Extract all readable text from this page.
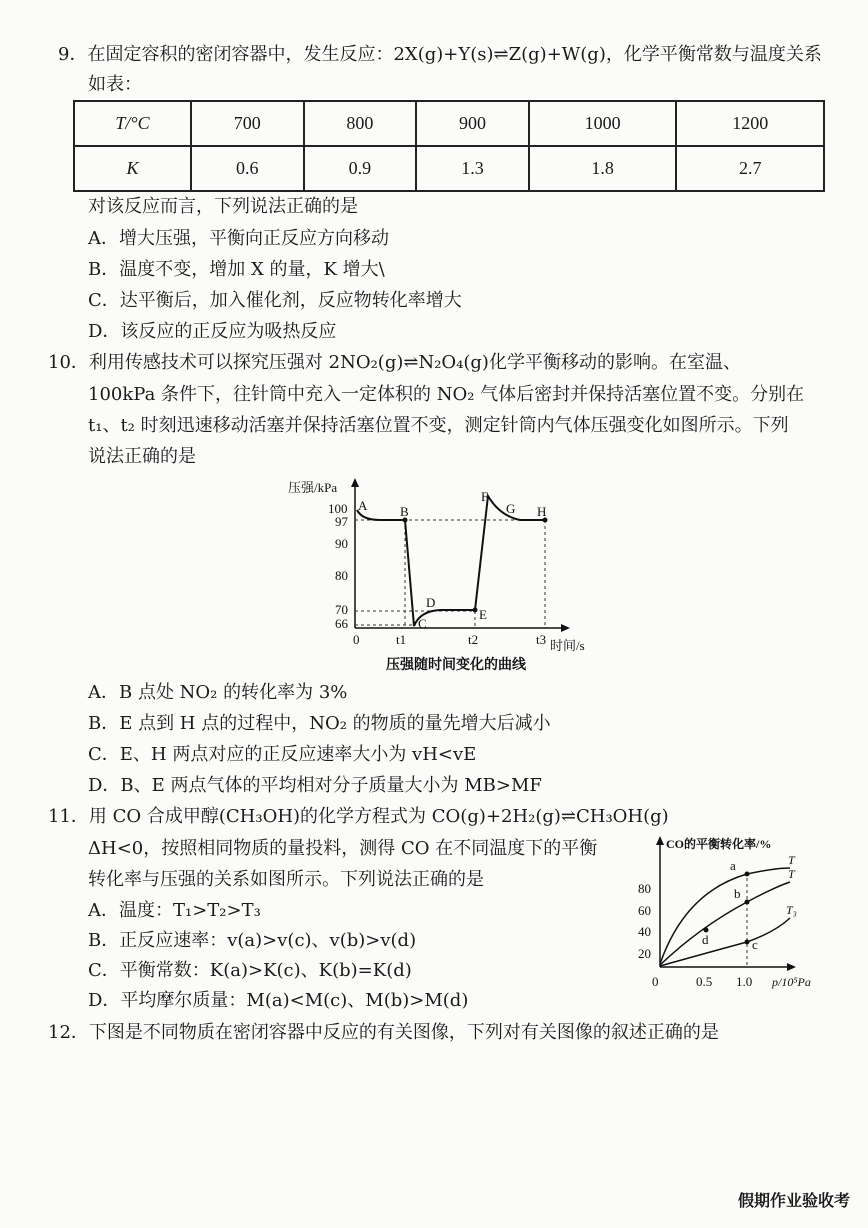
9．在固定容积的密闭容器中，发生反应：2X(g)+Y(s)⇌Z(g)+W(g)，化学平衡常数与温度关系
如表：
T/°C	700	800	900	1000	1200
K	0.6	0.9	1.3	1.8	2.7
对该反应而言，下列说法正确的是
A．增大压强，平衡向正反应方向移动
B．温度不变，增加 X 的量，K 增大\
C．达平衡后，加入催化剂，反应物转化率增大
D．该反应的正反应为吸热反应
10．利用传感技术可以探究压强对 2NO₂(g)⇌N₂O₄(g)化学平衡移动的影响。在室温、
100kPa 条件下，往针筒中充入一定体积的 NO₂ 气体后密封并保持活塞位置不变。分别在
t₁、t₂ 时刻迅速移动活塞并保持活塞位置不变，测定针筒内气体压强变化如图所示。下列
说法正确的是
压强/kPa
时间/s
0
100
97
90
80
70
66
t1	t2	t3
A	B
C
D
E
F
G H
压强随时间变化的曲线
A．B 点处 NO₂ 的转化率为 3%
B．E 点到 H 点的过程中，NO₂ 的物质的量先增大后减小
C．E、H 两点对应的正反应速率大小为 vH<vE
D．B、E 两点气体的平均相对分子质量大小为 MB>MF
11．用 CO 合成甲醇(CH₃OH)的化学方程式为 CO(g)+2H₂(g)⇌CH₃OH(g)
ΔH<0，按照相同物质的量投料，测得 CO 在不同温度下的平衡
转化率与压强的关系如图所示。下列说法正确的是
A．温度：T₁>T₂>T₃
B．正反应速率：v(a)>v(c)、v(b)>v(d)
C．平衡常数：K(a)>K(c)、K(b)=K(d)
D．平均摩尔质量：M(a)<M(c)、M(b)>M(d)
CO的平衡转化率/%
p/10⁵Pa
0
80
60
40
20
0.5 1.0
a
b
c
d
T
T
T₃
12．下图是不同物质在密闭容器中反应的有关图像，下列对有关图像的叙述正确的是
假期作业验收考
